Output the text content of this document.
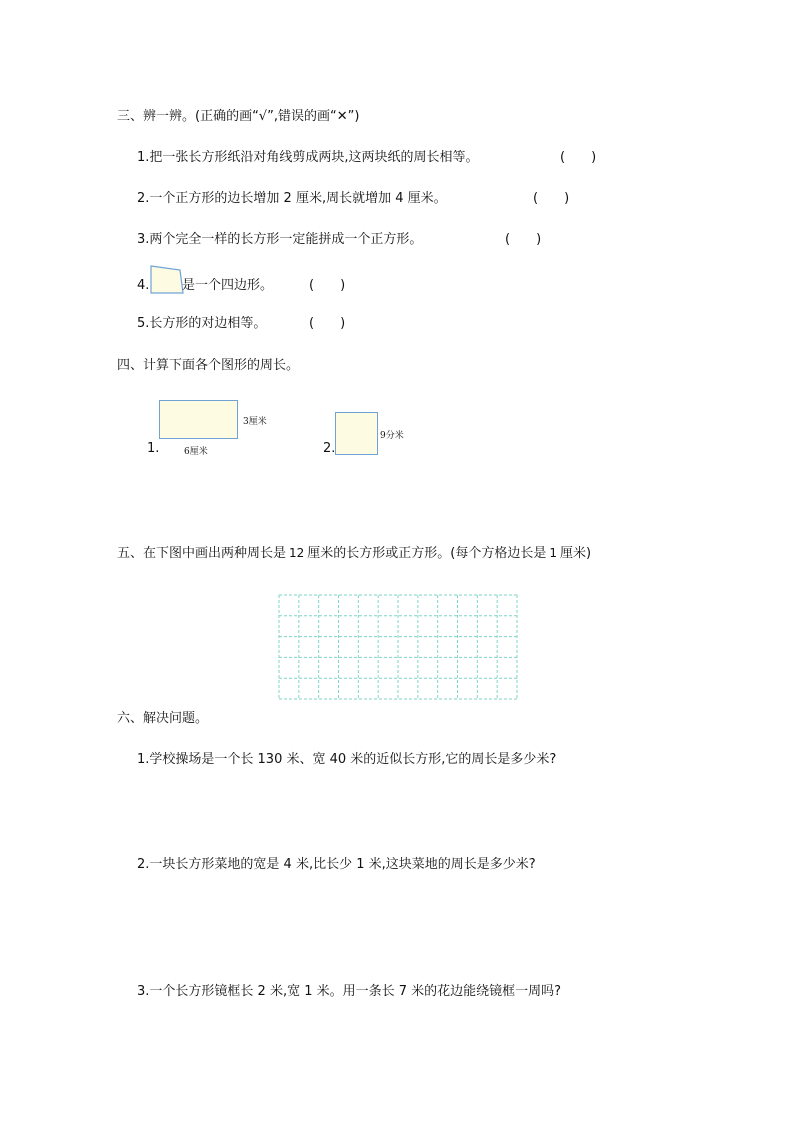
三、辨一辨。(正确的画“√”,错误的画“✕”)
1.把一张长方形纸沿对角线剪成两块,这两块纸的周长相等。	(　　)
2.一个正方形的边长增加 2 厘米,周长就增加 4 厘米。	(　　)
3.两个完全一样的长方形一定能拼成一个正方形。	(　　)
4.	是一个四边形。	(　　)
5.长方形的对边相等。	(　　)
四、计算下面各个图形的周长。
1.
3厘米
6厘米	2.
9分米
五、在下图中画出两种周长是 12 厘米的长方形或正方形。(每个方格边长是 1 厘米)
六、解决问题。
1.学校操场是一个长 130 米、宽 40 米的近似长方形,它的周长是多少米?
2.一块长方形菜地的宽是 4 米,比长少 1 米,这块菜地的周长是多少米?
3.一个长方形镜框长 2 米,宽 1 米。用一条长 7 米的花边能绕镜框一周吗?
